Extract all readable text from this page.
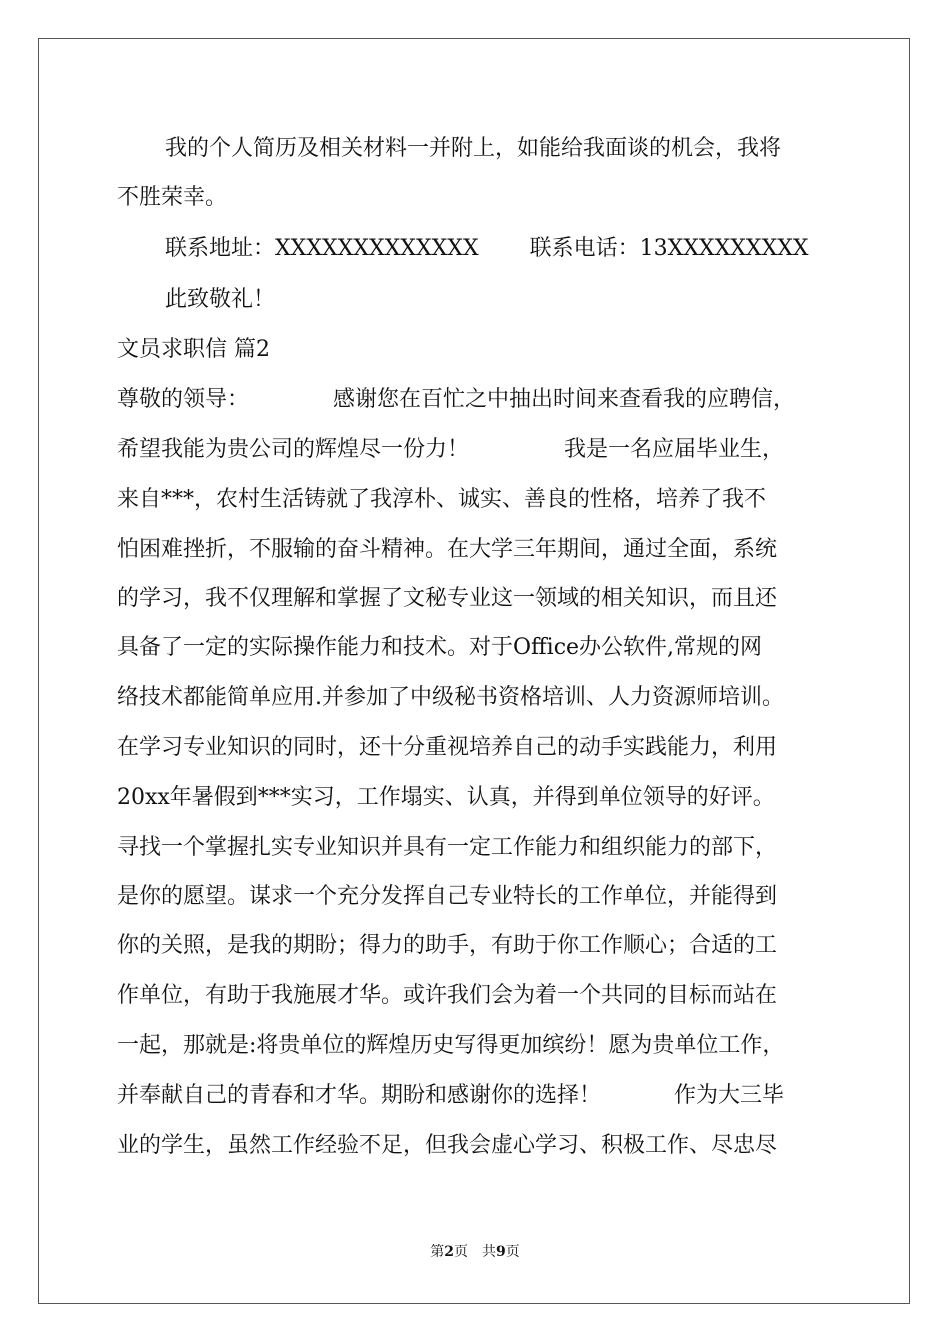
我的个人简历及相关材料一并附上，如能给我面谈的机会，我将
不胜荣幸。
联系地址：XXXXXXXXXXXXX　　 联系电话：13XXXXXXXXX
此致敬礼！
文员求职信 篇2
尊敬的领导：　　　　 感谢您在百忙之中抽出时间来查看我的应聘信，
希望我能为贵公司的辉煌尽一份力！　　　　 我是一名应届毕业生，
来自***，农村生活铸就了我淳朴、诚实、善良的性格，培养了我不
怕困难挫折，不服输的奋斗精神。在大学三年期间，通过全面，系统
的学习，我不仅理解和掌握了文秘专业这一领域的相关知识，而且还
具备了一定的实际操作能力和技术。对于Office办公软件,常规的网
络技术都能简单应用.并参加了中级秘书资格培训、人力资源师培训。
在学习专业知识的同时，还十分重视培养自己的动手实践能力，利用
20xx年暑假到***实习，工作塌实、认真，并得到单位领导的好评。
寻找一个掌握扎实专业知识并具有一定工作能力和组织能力的部下，
是你的愿望。谋求一个充分发挥自己专业特长的工作单位，并能得到
你的关照，是我的期盼；得力的助手，有助于你工作顺心；合适的工
作单位，有助于我施展才华。或许我们会为着一个共同的目标而站在
一起，那就是:将贵单位的辉煌历史写得更加缤纷！愿为贵单位工作，
并奉献自己的青春和才华。期盼和感谢你的选择！　　　 作为大三毕
业的学生，虽然工作经验不足，但我会虚心学习、积极工作、尽忠尽
第2页　共9页
